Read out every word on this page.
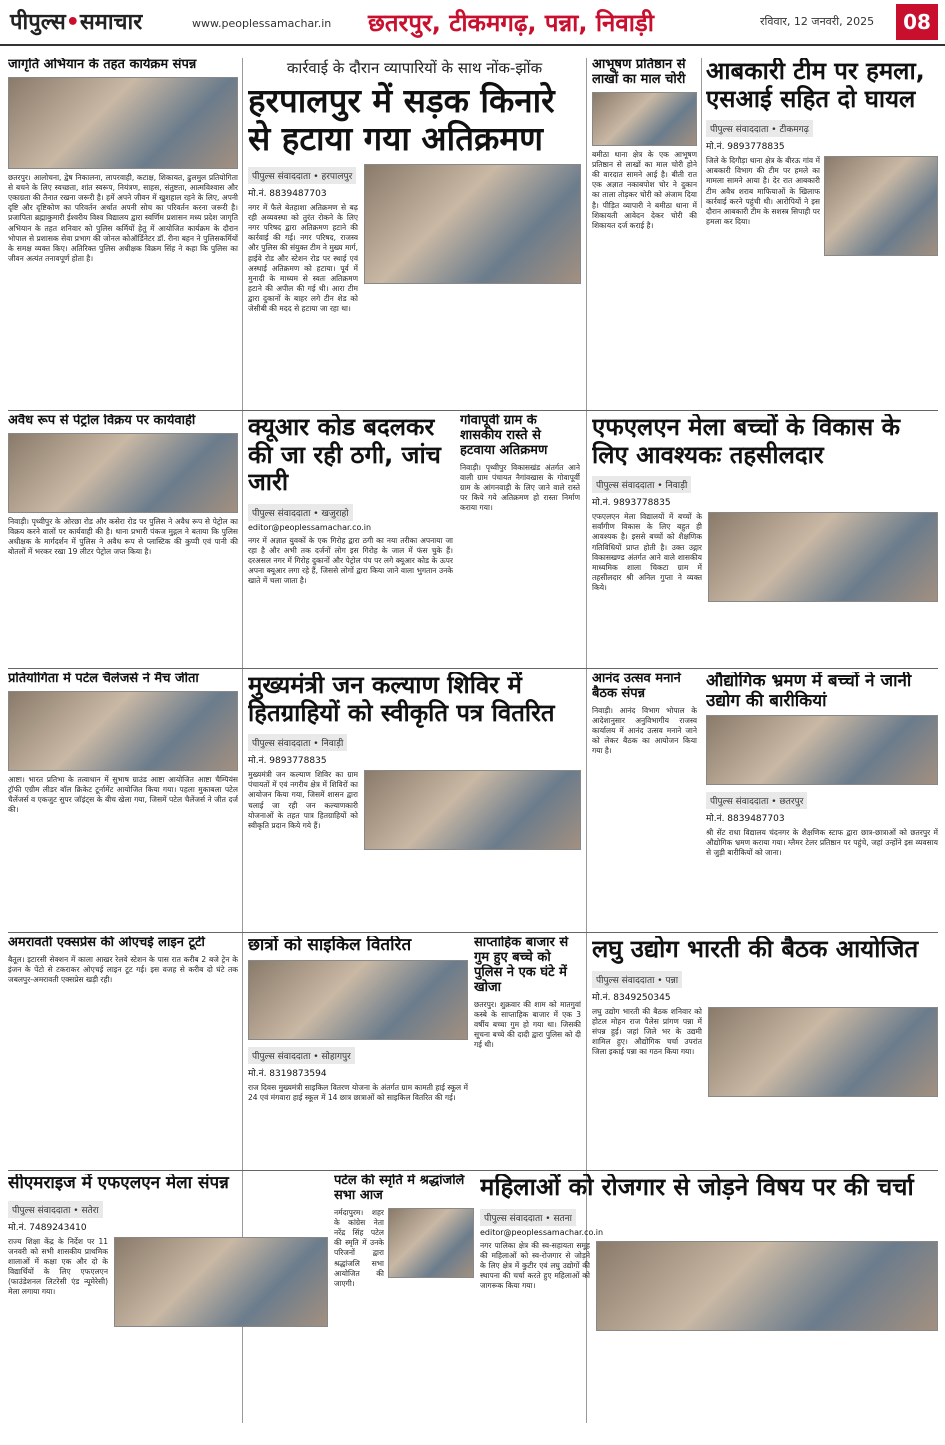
पीपुल्स•समाचार	www.peoplessamachar.in छतरपुर, टीकमगढ़, पन्ना, निवाड़ी	रविवार, 12 जनवरी, 2025	08
जागृति अभियान के तहत कार्यक्रम संपन्न
छतरपुर। आलोचना, द्वेष निकालना, लापरवाही, कटाक्ष, शिकायत, ढुलमुल प्रतियोगिता से बचने के लिए स्वच्छता, शांत स्वरूप, नियंत्रण, साहस, संतुष्टता, आत्मविश्वास और एकाग्रता की तैनात रखना जरूरी है। हमें अपने जीवन में खुशहाल रहने के लिए, अपनी दृष्टि और दृष्टिकोण का परिवर्तन अर्थात अपनी सोच का परिवर्तन करना जरूरी है। प्रजापिता ब्रह्माकुमारी ईश्वरीय विश्व विद्यालय द्वारा स्वर्णिम प्रशासन मध्य प्रदेश जागृति अभियान के तहत शनिवार को पुलिस कर्मियों हेतु में आयोजित कार्यक्रम के दौरान भोपाल से प्रशासक सेवा प्रभाग की जोनल कोऑर्डिनेटर डॉ. रीना बहन ने पुलिसकर्मियों के समक्ष व्यक्त किए। अतिरिक्त पुलिस अधीक्षक विक्रम सिंह ने कहा कि पुलिस का जीवन अत्यंत तनावपूर्ण होता है।
कार्रवाई के दौरान व्यापारियों के साथ नोंक-झोंक
हरपालपुर में सड़क किनारे से हटाया गया अतिक्रमण
पीपुल्स संवाददाता • हरपालपुर
मो.नं. 8839487703
नगर में फैले बेतहाशा अतिक्रमण से बढ़ रही अव्यवस्था को तुरंत रोकने के लिए नगर परिषद द्वारा अतिक्रमण हटाने की कार्रवाई की गई। नगर परिषद, राजस्व और पुलिस की संयुक्त टीम ने मुख्य मार्ग, हाईवे रोड और स्टेशन रोड पर स्थाई एवं अस्थाई अतिक्रमण को हटाया। पूर्व में मुनादी के माध्यम से स्वतः अतिक्रमण हटाने की अपील की गई थी। आरा टीम द्वारा दुकानों के बाहर लगे टीन शेड को जेसीबी की मदद से हटाया जा रहा था।
आभूषण प्रतिष्ठान से लाखों का माल चोरी
बमीठा थाना क्षेत्र के एक आभूषण प्रतिष्ठान से लाखों का माल चोरी होने की वारदात सामने आई है। बीती रात एक अज्ञात नकाबपोश चोर ने दुकान का ताला तोड़कर चोरी को अंजाम दिया है। पीड़ित व्यापारी ने बमीठा थाना में शिकायती आवेदन देकर चोरी की शिकायत दर्ज कराई है।
आबकारी टीम पर हमला, एसआई सहित दो घायल
पीपुल्स संवाददाता • टीकमगढ़
मो.नं. 9893778835
जिले के दिगौड़ा थाना क्षेत्र के बीरऊ गांव में आबकारी विभाग की टीम पर हमले का मामला सामने आया है। देर रात आबकारी टीम अवैध शराब माफियाओं के खिलाफ कार्रवाई करने पहुंची थी। आरोपियों ने इस दौरान आबकारी टीम के सशस्त्र सिपाही पर हमला कर दिया।
अवैध रूप से पेट्रोल विक्रय पर कार्यवाही
निवाड़ी। पृथ्वीपुर के ओरछा रोड और कसेरा रोड पर पुलिस ने अवैध रूप से पेट्रोल का विक्रय करने वालों पर कार्यवाही की है। थाना प्रभारी पंकज मुद्गल ने बताया कि पुलिस अधीक्षक के मार्गदर्शन में पुलिस ने अवैध रूप से प्लास्टिक की कुप्पी एवं पानी की बोतलों में भरकर रखा 19 लीटर पेट्रोल जप्त किया है।
क्यूआर कोड बदलकर की जा रही ठगी, जांच जारी
पीपुल्स संवाददाता • खजुराहो
editor@peoplessamachar.co.in
नगर में अज्ञात युवकों के एक गिरोह द्वारा ठगी का नया तरीका अपनाया जा रहा है और अभी तक दर्जनों लोग इस गिरोह के जाल में फंस चुके हैं। दरअसल नगर में गिरोह दुकानों और पेट्रोल पंप पर लगे क्यूआर कोड के ऊपर अपना क्यूआर लगा रहे हैं, जिससे लोगों द्वारा किया जाने वाला भुगतान उनके खाते में चला जाता है।
गोवापूर्वी ग्राम के शासकीय रास्ते से हटवाया अतिक्रमण
निवाड़ी। पृथ्वीपुर विकासखंड अंतर्गत आने वाली ग्राम पंचायत नैगांवखास के गोवापूर्वी ग्राम के आंगनवाड़ी के लिए जाने वाले रास्ते पर किये गये अतिक्रमण हो रास्ता निर्माण कराया गया।
एफएलएन मेला बच्चों के विकास के लिए आवश्यकः तहसीलदार
पीपुल्स संवाददाता • निवाड़ी
मो.नं. 9893778835
एफएलएन मेला विद्यालयों में बच्चों के सर्वांगीण विकास के लिए बहुत ही आवश्यक है। इससे बच्चों को शैक्षणिक गतिविधियों प्राप्त होती है। उक्त उद्गार विकासखण्ड अंतर्गत आने वाले शासकीय माध्यमिक शाला चिकटा ग्राम में तहसीलदार श्री अनिल गुप्ता ने व्यक्त किये।
प्रतियोगिता में पटेल चैलेंजर्स ने मैच जीता
आष्टा। भारत प्रतिभा के तत्वाधान में सुभाष ग्राउंड आष्टा आयोजित आष्टा चैम्पियंस ट्रॉफी एग्रीम लीडर बॉल क्रिकेट टूर्नामेंट आयोजित किया गया। पहला मुकाबला पटेल चैलेंजर्स व एकजुट सुपर जॉइंट्स के बीच खेला गया, जिसमें पटेल चैलेंजर्स ने जीत दर्ज की।
मुख्यमंत्री जन कल्याण शिविर में हितग्राहियों को स्वीकृति पत्र वितरित
पीपुल्स संवाददाता • निवाड़ी
मो.नं. 9893778835
मुख्यमंत्री जन कल्याण शिविर का ग्राम पंचायतों में एवं नगरीय क्षेत्र में शिविरों का आयोजन किया गया, जिसमें शासन द्वारा चलाई जा रही जन कल्याणकारी योजनाओं के तहत पात्र हितग्राहियों को स्वीकृति प्रदान किये गये हैं।
आनंद उत्सव मनाने बैठक संपन्न
निवाड़ी। आनंद विभाग भोपाल के आदेशानुसार अनुविभागीय राजस्व कार्यालय में आनंद उत्सव मनाने जाने को लेकर बैठक का आयोजन किया गया है।
औद्योगिक भ्रमण में बच्चों ने जानी उद्योग की बारीकियां
पीपुल्स संवाददाता • छतरपुर
मो.नं. 8839487703
श्री सेंट राधा विद्यालय चंदनगर के शैक्षणिक स्टाफ द्वारा छात्र-छात्राओं को छतरपुर में औद्योगिक भ्रमण कराया गया। ग्लैमर टेलर प्रतिष्ठान पर पहुंचे, जहां उन्होंने इस व्यवसाय से जुड़ी बारीकियों को जाना।
अमरावती एक्सप्रेस की ओएचई लाइन टूटी
बैतूल। इटारसी सेक्शन में काला आखर रेलवे स्टेशन के पास रात करीब 2 बजे ट्रेन के इंजन के पेंटो से टकराकर ओएचई लाइन टूट गई। इस वजह से करीब दो घंटे तक जबलपुर-अमरावती एक्सप्रेस खड़ी रही।
छात्रों को साइकिल वितरित
पीपुल्स संवाददाता • सोहागपुर
मो.नं. 8319873594
राज दिवस मुख्यमंत्री साइकिल वितरण योजना के अंतर्गत ग्राम कामती हाई स्कूल में 24 एवं मंगवारा हाई स्कूल में 14 छात्र छात्राओं को साइकिल वितरित की गई।
साप्ताहिक बाजार से गुम हुए बच्चे को पुलिस ने एक घंटे में खोजा
छतरपुर। शुक्रवार की शाम को मातगुवां कस्बे के साप्ताहिक बाजार में एक 3 वर्षीय बच्चा गुम हो गया था। जिसकी सूचना बच्चे की दादी द्वारा पुलिस को दी गई थी।
लघु उद्योग भारती की बैठक आयोजित
पीपुल्स संवाददाता • पन्ना
मो.नं. 8349250345
लघु उद्योग भारती की बैठक शनिवार को होटल मोहन राज पैलेस प्रांगण पन्ना में संपन्न हुई। जहां जिले भर के उद्यमी शामिल हुए। औद्योगिक चर्चा उपरांत जिला इकाई पन्ना का गठन किया गया।
सीएमराइज में एफएलएन मेला संपन्न
पीपुल्स संवाददाता • सतेरा
मो.नं. 7489243410
राज्य शिक्षा केंद्र के निर्देश पर 11 जनवरी को सभी शासकीय प्राथमिक शालाओं में कक्षा एक और दो के विद्यार्थियों के लिए एफएलएन (फाउंडेशनल लिटरेसी एंड न्यूमेरेसी) मेला लगाया गया।
पटेल की स्मृति में श्रद्धांजलि सभा आज
नर्मदापुरम। शहर के कांग्रेस नेता नरेंद्र सिंह पटेल की स्मृति में उनके परिजनों द्वारा श्रद्धांजलि सभा आयोजित की जाएगी।
महिलाओं को रोजगार से जोड़ने विषय पर की चर्चा
पीपुल्स संवाददाता • सतना
editor@peoplessamachar.co.in
नगर पालिका क्षेत्र की स्व-सहायता समूह की महिलाओं को स्व-रोजगार से जोड़ने के लिए क्षेत्र में कुटीर एवं लघु उद्योगों की स्थापना की चर्चा करते हुए महिलाओं को जागरूक किया गया।
